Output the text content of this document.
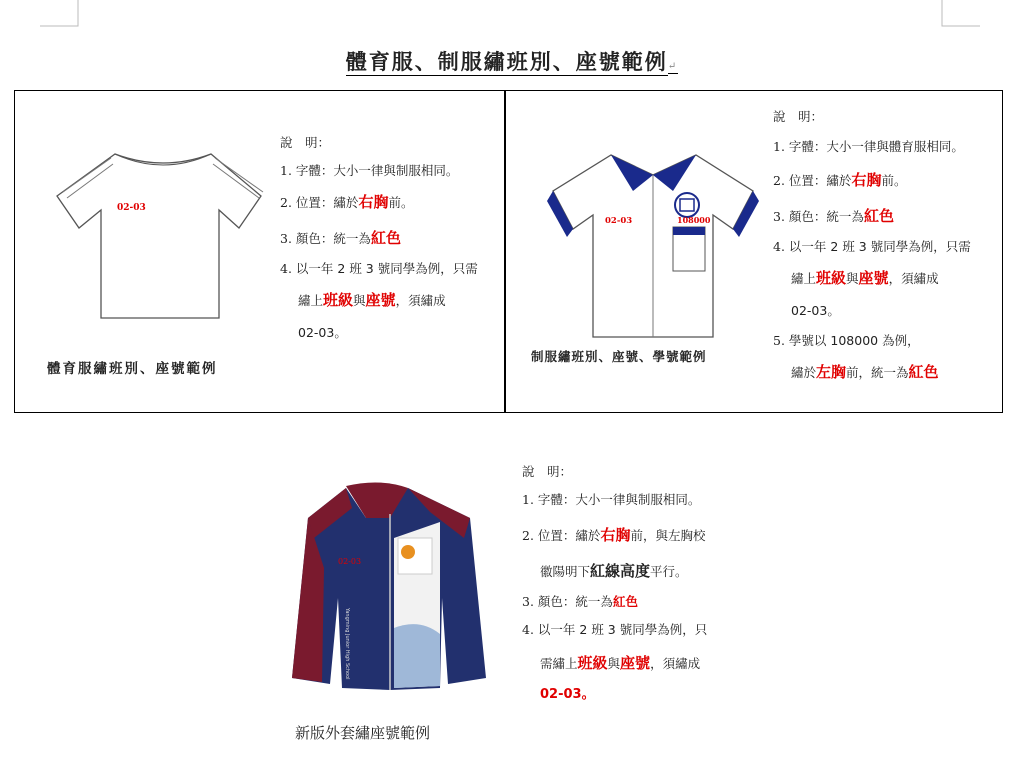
體育服、制服繡班別、座號範例↵
02-03
體育服繡班別、座號範例
說　明：
1. 字體：大小一律與制服相同。
2. 位置：繡於右胸前。
3. 顏色：統一為紅色
4. 以一年 2 班 3 號同學為例，只需
繡上班級與座號，須繡成
02-03。
02-03	108000
制服繡班別、座號、學號範例
說　明：
1. 字體：大小一律與體育服相同。
2. 位置：繡於右胸前。
3. 顏色：統一為紅色
4. 以一年 2 班 3 號同學為例，只需
繡上班級與座號，須繡成
02-03。
5. 學號以 108000 為例，
繡於左胸前，統一為紅色
02-03
Yangming Junior High School
新版外套繡座號範例
說　明：
1. 字體：大小一律與制服相同。
2. 位置：繡於右胸前，與左胸校
徽陽明下紅線高度平行。
3. 顏色：統一為紅色
4. 以一年 2 班 3 號同學為例，只
需繡上班級與座號，須繡成
02-03。
